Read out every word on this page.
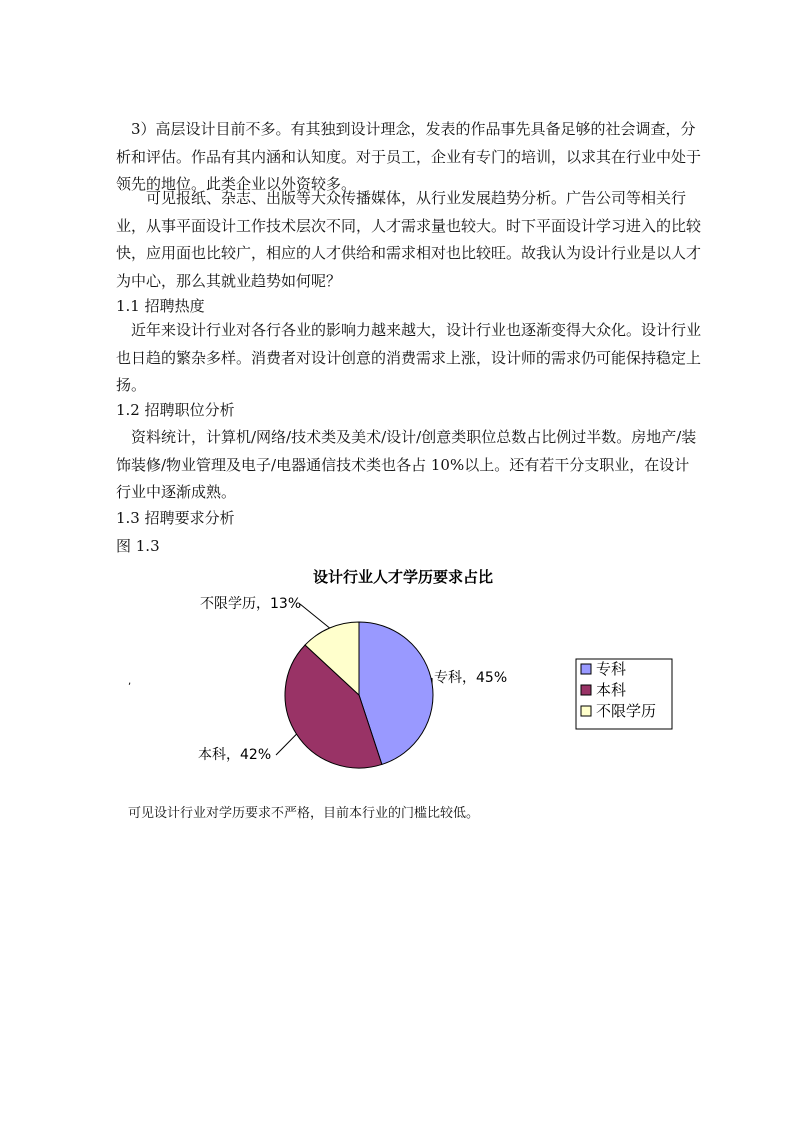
3）高层设计目前不多。有其独到设计理念，发表的作品事先具备足够的社会调查，分析和评估。作品有其内涵和认知度。对于员工，企业有专门的培训，以求其在行业中处于领先的地位。此类企业以外资较多。

可见报纸、杂志、出版等大众传播媒体，从行业发展趋势分析。广告公司等相关行业，从事平面设计工作技术层次不同，人才需求量也较大。时下平面设计学习进入的比较快，应用面也比较广，相应的人才供给和需求相对也比较旺。故我认为设计行业是以人才为中心，那么其就业趋势如何呢？

1.1 招聘热度

近年来设计行业对各行各业的影响力越来越大，设计行业也逐渐变得大众化。设计行业也日趋的繁杂多样。消费者对设计创意的消费需求上涨，设计师的需求仍可能保持稳定上扬。

1.2 招聘职位分析

资料统计，计算机/网络/技术类及美术/设计/创意类职位总数占比例过半数。房地产/装饰装修/物业管理及电子/电器通信技术类也各占 10%以上。还有若干分支职业，在设计行业中逐渐成熟。

1.3 招聘要求分析

图 1.3

设计行业人才学历要求占比
专科，45%
本科，42%
不限学历，13%
专科
本科
不限学历
,

可见设计行业对学历要求不严格，目前本行业的门槛比较低。
